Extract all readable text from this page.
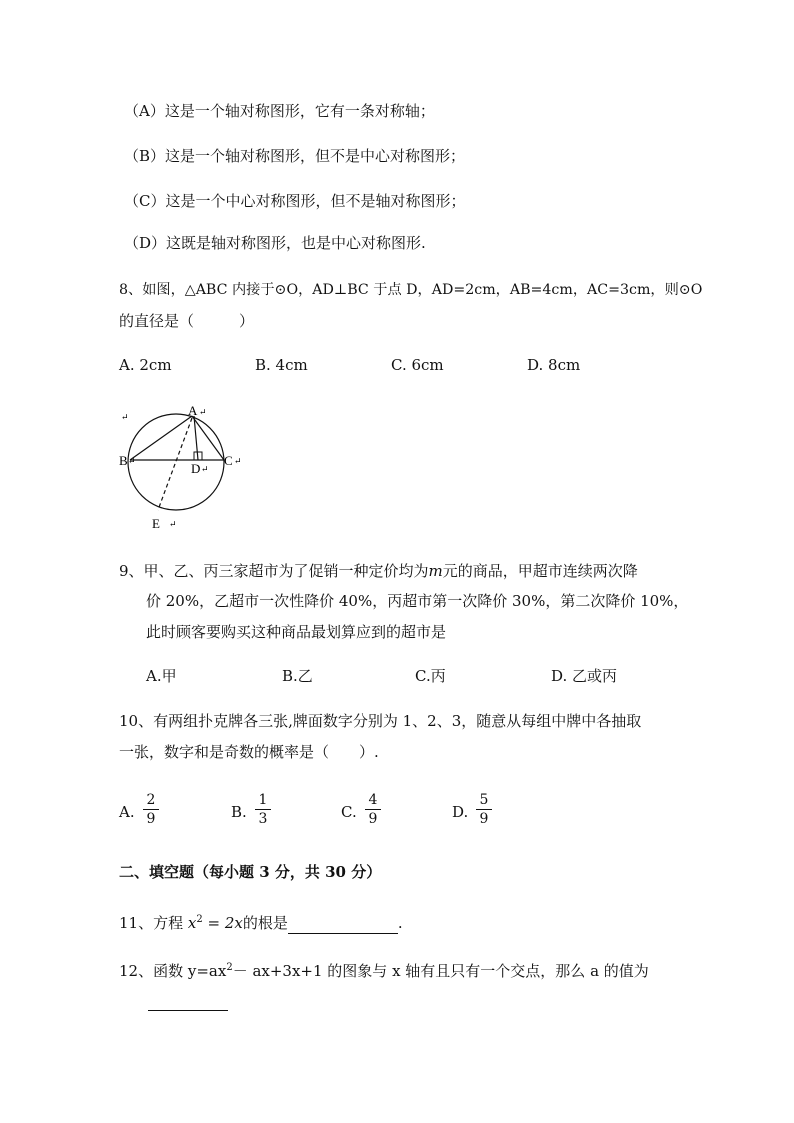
（A）这是一个轴对称图形，它有一条对称轴；
（B）这是一个轴对称图形，但不是中心对称图形；
（C）这是一个中心对称图形，但不是轴对称图形；
（D）这既是轴对称图形，也是中心对称图形.
8、如图，△ABC 内接于⊙O，AD⊥BC 于点 D，AD=2cm，AB=4cm，AC=3cm，则⊙O
的直径是（　　　）
A. 2cm	B. 4cm	C. 6cm	D. 8cm
↵	A ↵
B ↵	C ↵
D ↵
E ↵
9、甲、乙、丙三家超市为了促销一种定价均为m元的商品，甲超市连续两次降
价 20%，乙超市一次性降价 40%，丙超市第一次降价 30%，第二次降价 10%，
此时顾客要购买这种商品最划算应到的超市是
A.甲	B.乙	C.丙	D. 乙或丙
10、有两组扑克牌各三张,牌面数字分别为 1、2、3，随意从每组中牌中各抽取
一张，数字和是奇数的概率是（　　）.
A.
2
9	B.
1
3	C.
4
9	D.
5
9
二、填空题（每小题 3 分，共 30 分）
11、方程 $x^2 = 2x$的根是	.
12、函数 $y=ax^2- ax+3x+1$ 的图象与 x 轴有且只有一个交点，那么 a 的值为
